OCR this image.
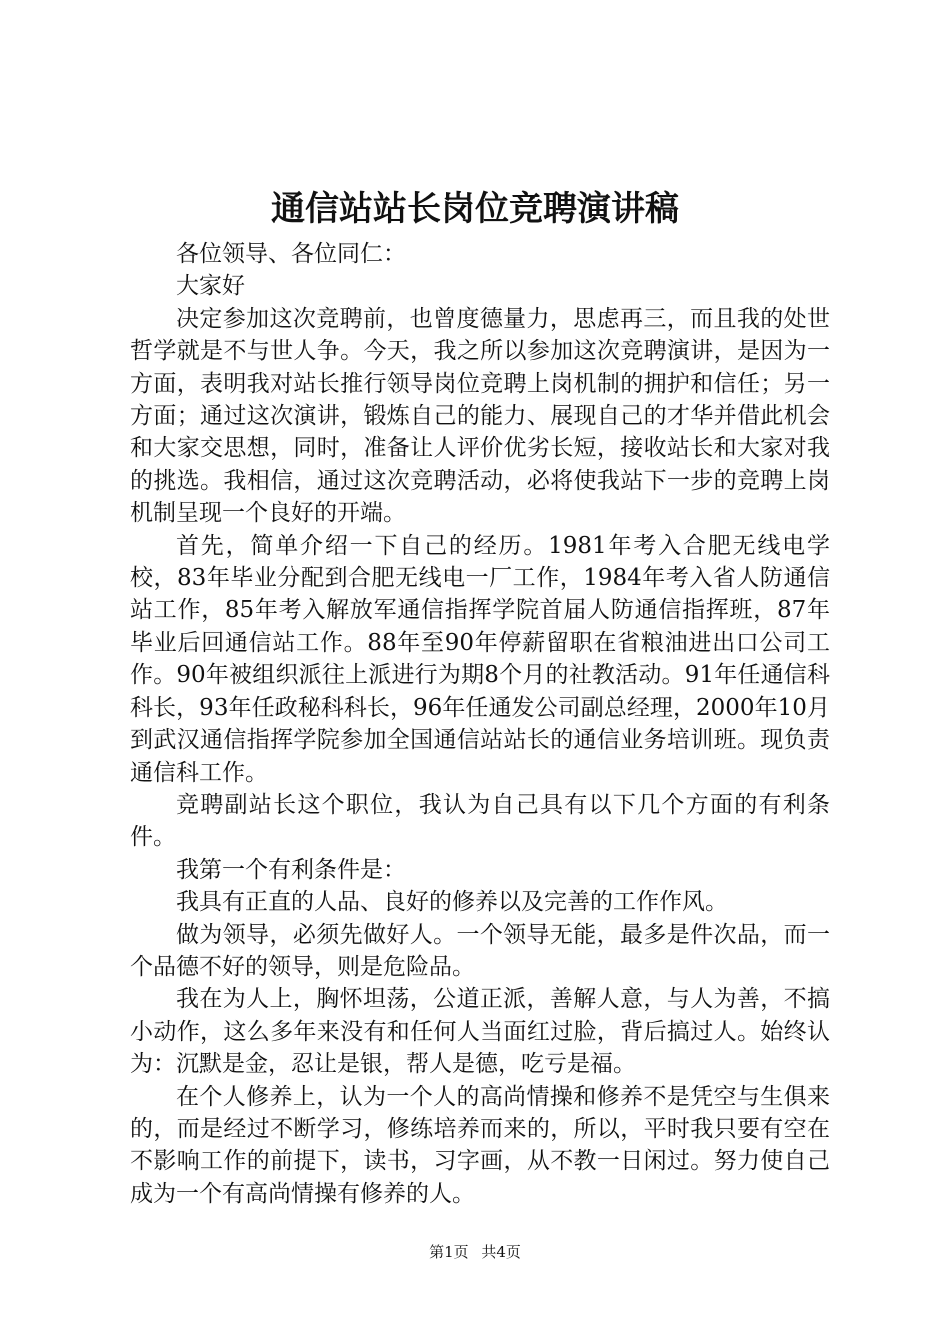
通信站站长岗位竞聘演讲稿

各位领导、各位同仁：

大家好

决定参加这次竞聘前，也曾度德量力，思虑再三，而且我的处世哲学就是不与世人争。今天，我之所以参加这次竞聘演讲，是因为一方面，表明我对站长推行领导岗位竞聘上岗机制的拥护和信任；另一方面；通过这次演讲，锻炼自己的能力、展现自己的才华并借此机会和大家交思想，同时，准备让人评价优劣长短，接收站长和大家对我的挑选。我相信，通过这次竞聘活动，必将使我站下一步的竞聘上岗机制呈现一个良好的开端。

首先，简单介绍一下自己的经历。1981年考入合肥无线电学校，83年毕业分配到合肥无线电一厂工作，1984年考入省人防通信站工作，85年考入解放军通信指挥学院首届人防通信指挥班，87年毕业后回通信站工作。88年至90年停薪留职在省粮油进出口公司工作。90年被组织派往上派进行为期8个月的社教活动。91年任通信科科长，93年任政秘科科长，96年任通发公司副总经理，2000年10月到武汉通信指挥学院参加全国通信站站长的通信业务培训班。现负责通信科工作。

竞聘副站长这个职位，我认为自己具有以下几个方面的有利条件。

我第一个有利条件是：

我具有正直的人品、良好的修养以及完善的工作作风。

做为领导，必须先做好人。一个领导无能，最多是件次品，而一个品德不好的领导，则是危险品。

我在为人上，胸怀坦荡，公道正派，善解人意，与人为善，不搞小动作，这么多年来没有和任何人当面红过脸，背后搞过人。始终认为：沉默是金，忍让是银，帮人是德，吃亏是福。

在个人修养上，认为一个人的高尚情操和修养不是凭空与生俱来的，而是经过不断学习，修练培养而来的，所以，平时我只要有空在不影响工作的前提下，读书，习字画，从不教一日闲过。努力使自己成为一个有高尚情操有修养的人。

第1页 共4页
